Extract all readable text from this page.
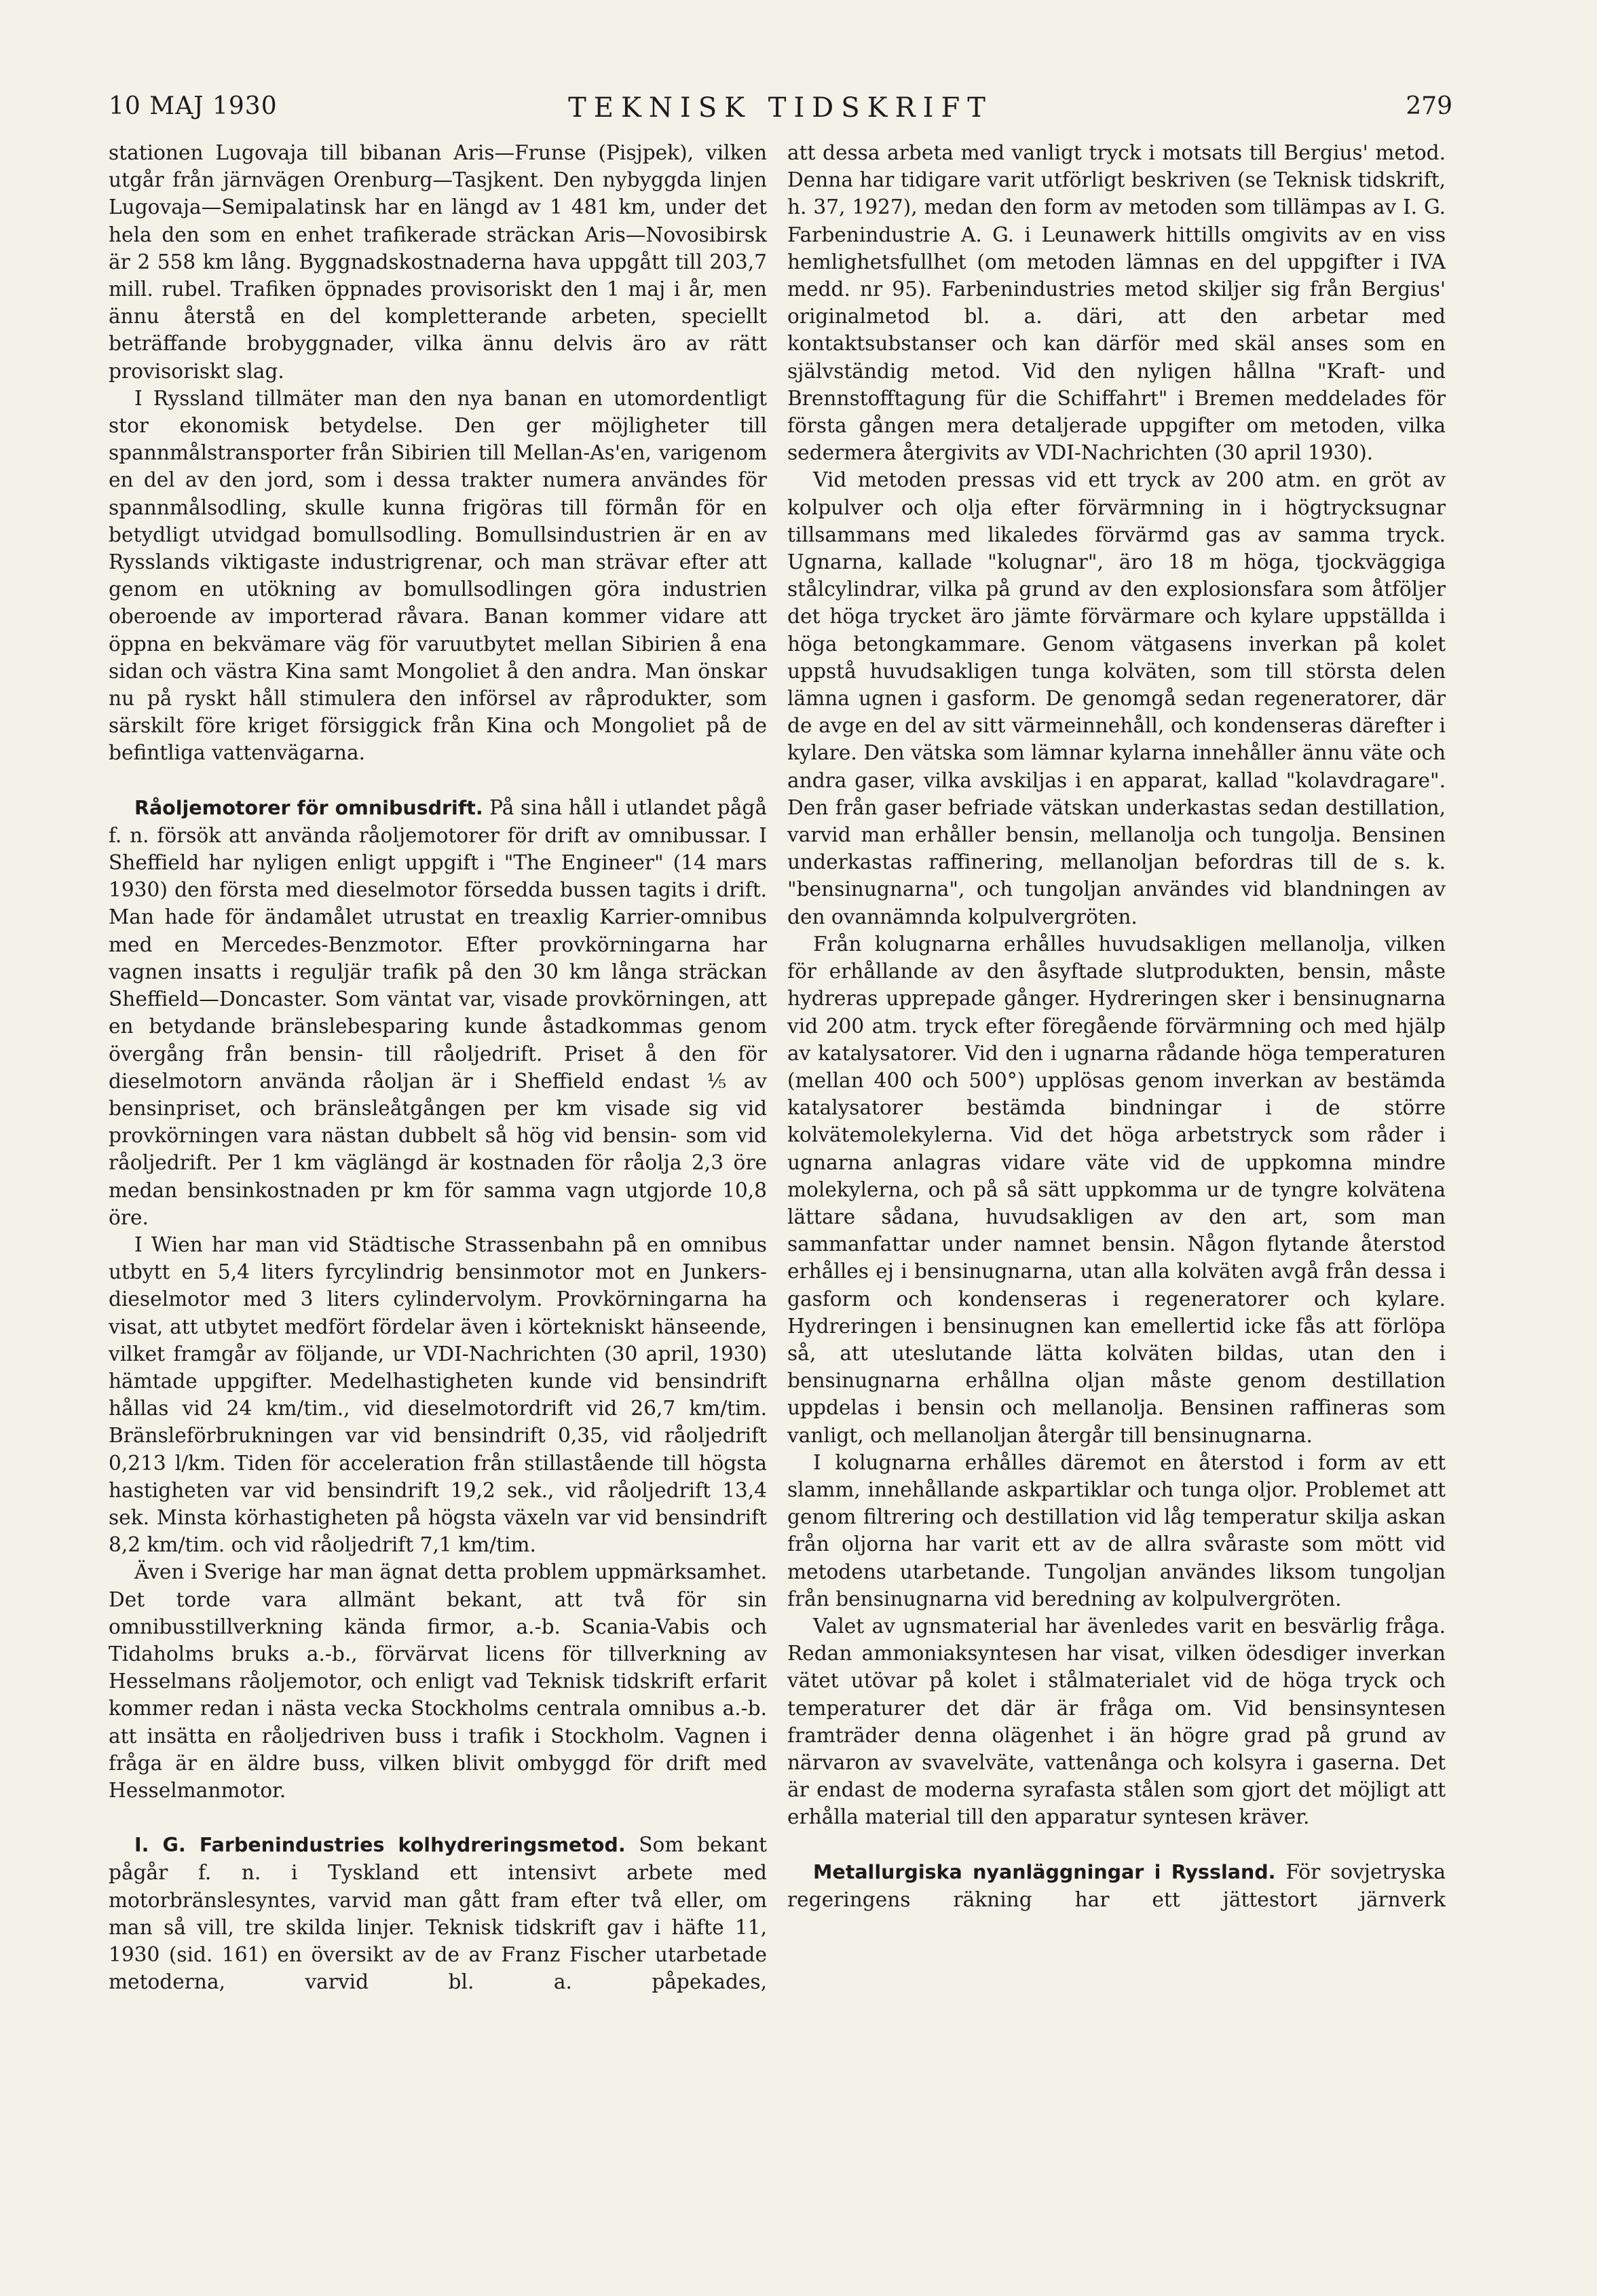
10 MAJ 1930	TEKNISK TIDSKRIFT	279

stationen Lugovaja till bibanan Aris—Frunse (Pisjpek), vilken utgår från järnvägen Orenburg—Tasjkent. Den nybyggda linjen Lugovaja—Semipalatinsk har en längd av 1 481 km, under det hela den som en enhet trafikerade sträckan Aris—Novosibirsk är 2 558 km lång. Byggnadskostnaderna hava uppgått till 203,7 mill. rubel. Trafiken öppnades provisoriskt den 1 maj i år, men ännu återstå en del kompletterande arbeten, speciellt beträffande brobyggnader, vilka ännu delvis äro av rätt provisoriskt slag.

I Ryssland tillmäter man den nya banan en utomordentligt stor ekonomisk betydelse. Den ger möjligheter till spannmålstransporter från Sibirien till Mellan-As'en, varigenom en del av den jord, som i dessa trakter numera användes för spannmålsodling, skulle kunna frigöras till förmån för en betydligt utvidgad bomullsodling. Bomullsindustrien är en av Rysslands viktigaste industrigrenar, och man strävar efter att genom en utökning av bomullsodlingen göra industrien oberoende av importerad råvara. Banan kommer vidare att öppna en bekvämare väg för varuutbytet mellan Sibirien å ena sidan och västra Kina samt Mongoliet å den andra. Man önskar nu på ryskt håll stimulera den införsel av råprodukter, som särskilt före kriget försiggick från Kina och Mongoliet på de befintliga vattenvägarna.

Råoljemotorer för omnibusdrift. På sina håll i utlandet pågå f. n. försök att använda råoljemotorer för drift av omnibussar. I Sheffield har nyligen enligt uppgift i "The Engineer" (14 mars 1930) den första med dieselmotor försedda bussen tagits i drift. Man hade för ändamålet utrustat en treaxlig Karrier-omnibus med en Mercedes-Benzmotor. Efter provkörningarna har vagnen insatts i reguljär trafik på den 30 km långa sträckan Sheffield—Doncaster. Som väntat var, visade provkörningen, att en betydande bränslebesparing kunde åstadkommas genom övergång från bensin- till råoljedrift. Priset å den för dieselmotorn använda råoljan är i Sheffield endast ⅕ av bensinpriset, och bränsleåtgången per km visade sig vid provkörningen vara nästan dubbelt så hög vid bensin- som vid råoljedrift. Per 1 km väglängd är kostnaden för råolja 2,3 öre medan bensinkostnaden pr km för samma vagn utgjorde 10,8 öre.

I Wien har man vid Städtische Strassenbahn på en omnibus utbytt en 5,4 liters fyrcylindrig bensinmotor mot en Junkers-dieselmotor med 3 liters cylindervolym. Provkörningarna ha visat, att utbytet medfört fördelar även i körtekniskt hänseende, vilket framgår av följande, ur VDI-Nachrichten (30 april, 1930) hämtade uppgifter. Medelhastigheten kunde vid bensindrift hållas vid 24 km/tim., vid dieselmotordrift vid 26,7 km/tim. Bränsleförbrukningen var vid bensindrift 0,35, vid råoljedrift 0,213 l/km. Tiden för acceleration från stillastående till högsta hastigheten var vid bensindrift 19,2 sek., vid råoljedrift 13,4 sek. Minsta körhastigheten på högsta växeln var vid bensindrift 8,2 km/tim. och vid råoljedrift 7,1 km/tim.

Även i Sverige har man ägnat detta problem uppmärksamhet. Det torde vara allmänt bekant, att två för sin omnibusstillverkning kända firmor, a.-b. Scania-Vabis och Tidaholms bruks a.-b., förvärvat licens för tillverkning av Hesselmans råoljemotor, och enligt vad Teknisk tidskrift erfarit kommer redan i nästa vecka Stockholms centrala omnibus a.-b. att insätta en råoljedriven buss i trafik i Stockholm. Vagnen i fråga är en äldre buss, vilken blivit ombyggd för drift med Hesselmanmotor.

I. G. Farbenindustries kolhydreringsmetod. Som bekant pågår f. n. i Tyskland ett intensivt arbete med motorbränslesyntes, varvid man gått fram efter två eller, om man så vill, tre skilda linjer. Teknisk tidskrift gav i häfte 11, 1930 (sid. 161) en översikt av de av Franz Fischer utarbetade metoderna, varvid bl. a. påpekades,

att dessa arbeta med vanligt tryck i motsats till Bergius' metod. Denna har tidigare varit utförligt beskriven (se Teknisk tidskrift, h. 37, 1927), medan den form av metoden som tillämpas av I. G. Farbenindustrie A. G. i Leunawerk hittills omgivits av en viss hemlighetsfullhet (om metoden lämnas en del uppgifter i IVA medd. nr 95). Farbenindustries metod skiljer sig från Bergius' originalmetod bl. a. däri, att den arbetar med kontaktsubstanser och kan därför med skäl anses som en självständig metod. Vid den nyligen hållna "Kraft- und Brennstofftagung für die Schiffahrt" i Bremen meddelades för första gången mera detaljerade uppgifter om metoden, vilka sedermera återgivits av VDI-Nachrichten (30 april 1930).

Vid metoden pressas vid ett tryck av 200 atm. en gröt av kolpulver och olja efter förvärmning in i högtrycksugnar tillsammans med likaledes förvärmd gas av samma tryck. Ugnarna, kallade "kolugnar", äro 18 m höga, tjockväggiga stålcylindrar, vilka på grund av den explosionsfara som åtföljer det höga trycket äro jämte förvärmare och kylare uppställda i höga betongkammare. Genom vätgasens inverkan på kolet uppstå huvudsakligen tunga kolväten, som till största delen lämna ugnen i gasform. De genomgå sedan regeneratorer, där de avge en del av sitt värmeinnehåll, och kondenseras därefter i kylare. Den vätska som lämnar kylarna innehåller ännu väte och andra gaser, vilka avskiljas i en apparat, kallad "kolavdragare". Den från gaser befriade vätskan underkastas sedan destillation, varvid man erhåller bensin, mellanolja och tungolja. Bensinen underkastas raffinering, mellanoljan befordras till de s. k. "bensinugnarna", och tungoljan användes vid blandningen av den ovannämnda kolpulvergröten.

Från kolugnarna erhålles huvudsakligen mellanolja, vilken för erhållande av den åsyftade slutprodukten, bensin, måste hydreras upprepade gånger. Hydreringen sker i bensinugnarna vid 200 atm. tryck efter föregående förvärmning och med hjälp av katalysatorer. Vid den i ugnarna rådande höga temperaturen (mellan 400 och 500°) upplösas genom inverkan av bestämda katalysatorer bestämda bindningar i de större kolvätemolekylerna. Vid det höga arbetstryck som råder i ugnarna anlagras vidare väte vid de uppkomna mindre molekylerna, och på så sätt uppkomma ur de tyngre kolvätena lättare sådana, huvudsakligen av den art, som man sammanfattar under namnet bensin. Någon flytande återstod erhålles ej i bensinugnarna, utan alla kolväten avgå från dessa i gasform och kondenseras i regeneratorer och kylare. Hydreringen i bensinugnen kan emellertid icke fås att förlöpa så, att uteslutande lätta kolväten bildas, utan den i bensinugnarna erhållna oljan måste genom destillation uppdelas i bensin och mellanolja. Bensinen raffineras som vanligt, och mellanoljan återgår till bensinugnarna.

I kolugnarna erhålles däremot en återstod i form av ett slamm, innehållande askpartiklar och tunga oljor. Problemet att genom filtrering och destillation vid låg temperatur skilja askan från oljorna har varit ett av de allra svåraste som mött vid metodens utarbetande. Tungoljan användes liksom tungoljan från bensinugnarna vid beredning av kolpulvergröten.

Valet av ugnsmaterial har ävenledes varit en besvärlig fråga. Redan ammoniaksyntesen har visat, vilken ödesdiger inverkan vätet utövar på kolet i stålmaterialet vid de höga tryck och temperaturer det där är fråga om. Vid bensinsyntesen framträder denna olägenhet i än högre grad på grund av närvaron av svavelväte, vattenånga och kolsyra i gaserna. Det är endast de moderna syrafasta stålen som gjort det möjligt att erhålla material till den apparatur syntesen kräver.

Metallurgiska nyanläggningar i Ryssland. För sovjetryska regeringens räkning har ett jättestort järnverk
